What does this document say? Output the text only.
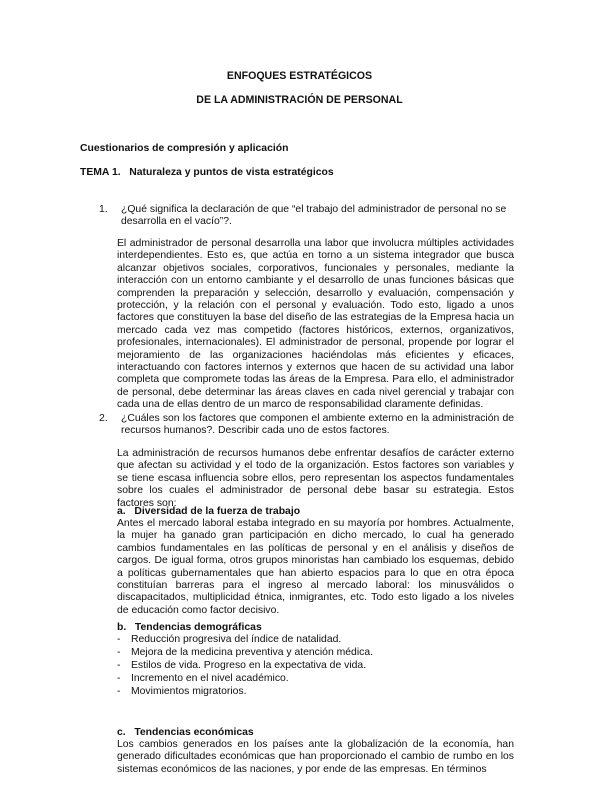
ENFOQUES ESTRATÉGICOS
DE LA ADMINISTRACIÓN DE PERSONAL
Cuestionarios de compresión y aplicación
TEMA 1.   Naturaleza y puntos de vista estratégicos
1. ¿Qué significa la declaración de que “el trabajo del administrador de personal no se desarrolla en el vacío”?.

El administrador de personal desarrolla una labor que involucra múltiples actividades interdependientes. Esto es, que actúa en torno a un sistema integrador que busca alcanzar objetivos sociales, corporativos, funcionales y personales, mediante la interacción con un entorno cambiante y el desarrollo de unas funciones básicas que comprenden la preparación y selección, desarrollo y evaluación, compensación y protección, y la relación con el personal y evaluación. Todo esto, ligado a unos factores que constituyen la base del diseño de las estrategias de la Empresa hacia un mercado cada vez mas competido (factores históricos, externos, organizativos, profesionales, internacionales). El administrador de personal, propende por lograr el mejoramiento de las organizaciones haciéndolas más eficientes y eficaces, interactuando con factores internos y externos que hacen de su actividad una labor completa que compromete todas las áreas de la Empresa. Para ello, el administrador de personal, debe determinar las áreas claves en cada nivel gerencial y trabajar con cada una de ellas dentro de un marco de responsabilidad claramente definidas.

2. ¿Cuáles son los factores que componen el ambiente externo en la administración de recursos humanos?. Describir cada uno de estos factores.

La administración de recursos humanos debe enfrentar desafíos de carácter externo que afectan su actividad y el todo de la organización. Estos factores son variables y se tiene escasa influencia sobre ellos, pero representan los aspectos fundamentales sobre los cuales el administrador de personal debe basar su estrategia. Estos factores son:

a.   Diversidad de la fuerza de trabajo

Antes el mercado laboral estaba integrado en su mayoría por hombres. Actualmente, la mujer ha ganado gran participación en dicho mercado, lo cual ha generado cambios fundamentales en las políticas de personal y en el análisis y diseños de cargos. De igual forma, otros grupos minoristas han cambiado los esquemas, debido a políticas gubernamentales que han abierto espacios para lo que en otra época constituían barreras para el ingreso al mercado laboral: los minusválidos o discapacitados, multiplicidad étnica, inmigrantes, etc. Todo esto ligado a los niveles de educación como factor decisivo.

b.   Tendencias demográficas
- Reducción progresiva del índice de natalidad.
- Mejora de la medicina preventiva y atención médica.
- Estilos de vida. Progreso en la expectativa de vida.
- Incremento en el nivel académico.
- Movimientos migratorios.
c.   Tendencias económicas

Los cambios generados en los países ante la globalización de la economía, han generado dificultades económicas que han proporcionado el cambio de rumbo en los sistemas económicos de las naciones, y por ende de las empresas. En términos
